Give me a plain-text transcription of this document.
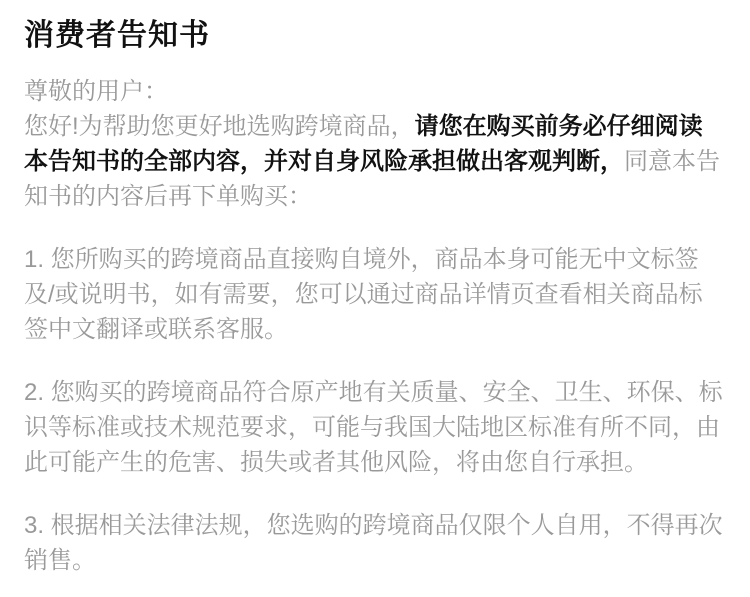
消费者告知书

尊敬的用户：
您好!为帮助您更好地选购跨境商品，请您在购买前务必仔细阅读本告知书的全部内容，并对自身风险承担做出客观判断，同意本告知书的内容后再下单购买：

1. 您所购买的跨境商品直接购自境外，商品本身可能无中文标签及/或说明书，如有需要，您可以通过商品详情页查看相关商品标签中文翻译或联系客服。

2. 您购买的跨境商品符合原产地有关质量、安全、卫生、环保、标识等标准或技术规范要求，可能与我国大陆地区标准有所不同，由此可能产生的危害、损失或者其他风险，将由您自行承担。

3. 根据相关法律法规，您选购的跨境商品仅限个人自用，不得再次销售。
